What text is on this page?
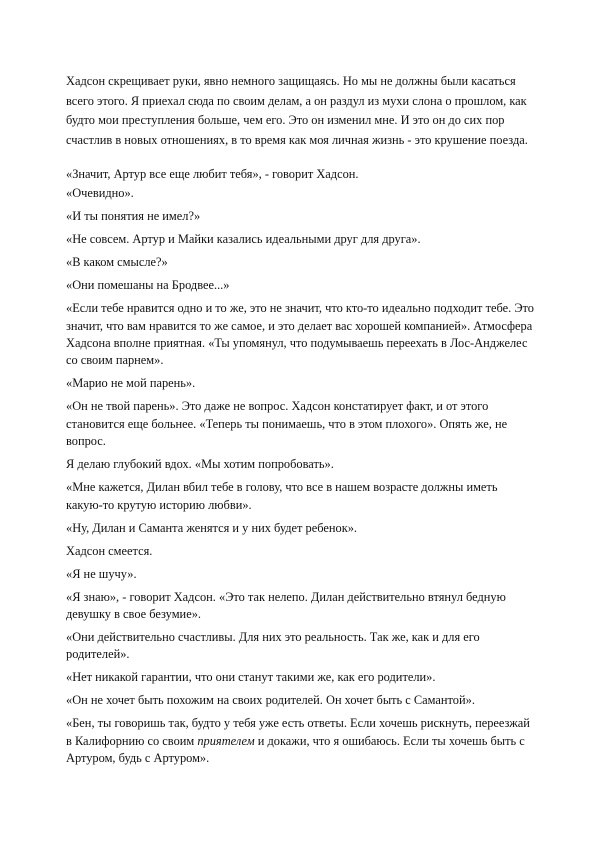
Хадсон скрещивает руки, явно немного защищаясь. Но мы не должны были касаться всего этого. Я приехал сюда по своим делам, а он раздул из мухи слона о прошлом, как будто мои преступления больше, чем его. Это он изменил мне. И это он до сих пор счастлив в новых отношениях, в то время как моя личная жизнь - это крушение поезда.

«Значит, Артур все еще любит тебя», - говорит Хадсон.

«Очевидно».

«И ты понятия не имел?»

«Не совсем. Артур и Майки казались идеальными друг для друга».

«В каком смысле?»

«Они помешаны на Бродвее...»

«Если тебе нравится одно и то же, это не значит, что кто-то идеально подходит тебе. Это значит, что вам нравится то же самое, и это делает вас хорошей компанией». Атмосфера Хадсона вполне приятная. «Ты упомянул, что подумываешь переехать в Лос-Анджелес со своим парнем».

«Марио не мой парень».

«Он не твой парень». Это даже не вопрос. Хадсон констатирует факт, и от этого становится еще больнее. «Теперь ты понимаешь, что в этом плохого». Опять же, не вопрос.

Я делаю глубокий вдох. «Мы хотим попробовать».

«Мне кажется, Дилан вбил тебе в голову, что все в нашем возрасте должны иметь какую-то крутую историю любви».

«Ну, Дилан и Саманта женятся и у них будет ребенок».

Хадсон смеется.

«Я не шучу».

«Я знаю», - говорит Хадсон. «Это так нелепо. Дилан действительно втянул бедную девушку в свое безумие».

«Они действительно счастливы. Для них это реальность. Так же, как и для его родителей».

«Нет никакой гарантии, что они станут такими же, как его родители».

«Он не хочет быть похожим на своих родителей. Он хочет быть с Самантой».

«Бен, ты говоришь так, будто у тебя уже есть ответы. Если хочешь рискнуть, переезжай в Калифорнию со своим приятелем и докажи, что я ошибаюсь. Если ты хочешь быть с Артуром, будь с Артуром».
